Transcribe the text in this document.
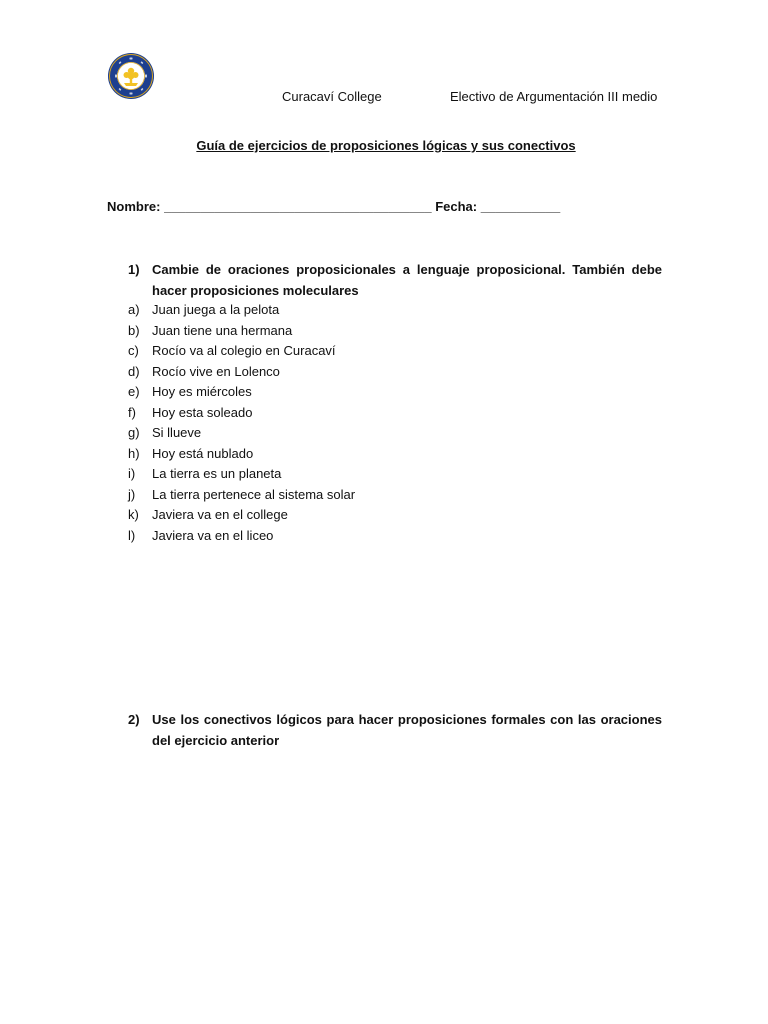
Curacaví College	Electivo de Argumentación III medio
Guía de ejercicios de proposiciones lógicas y sus conectivos
Nombre: _____________________________________ Fecha: ___________
1) Cambie de oraciones proposicionales a lenguaje proposicional. También debe hacer proposiciones moleculares
a) Juan juega a la pelota
b) Juan tiene una hermana
c) Rocío va al colegio en Curacaví
d) Rocío vive en Lolenco
e) Hoy es miércoles
f) Hoy esta soleado
g) Si llueve
h) Hoy está nublado
i) La tierra es un planeta
j) La tierra pertenece al sistema solar
k) Javiera va en el college
l) Javiera va en el liceo
2) Use los conectivos lógicos para hacer proposiciones formales con las oraciones del ejercicio anterior
